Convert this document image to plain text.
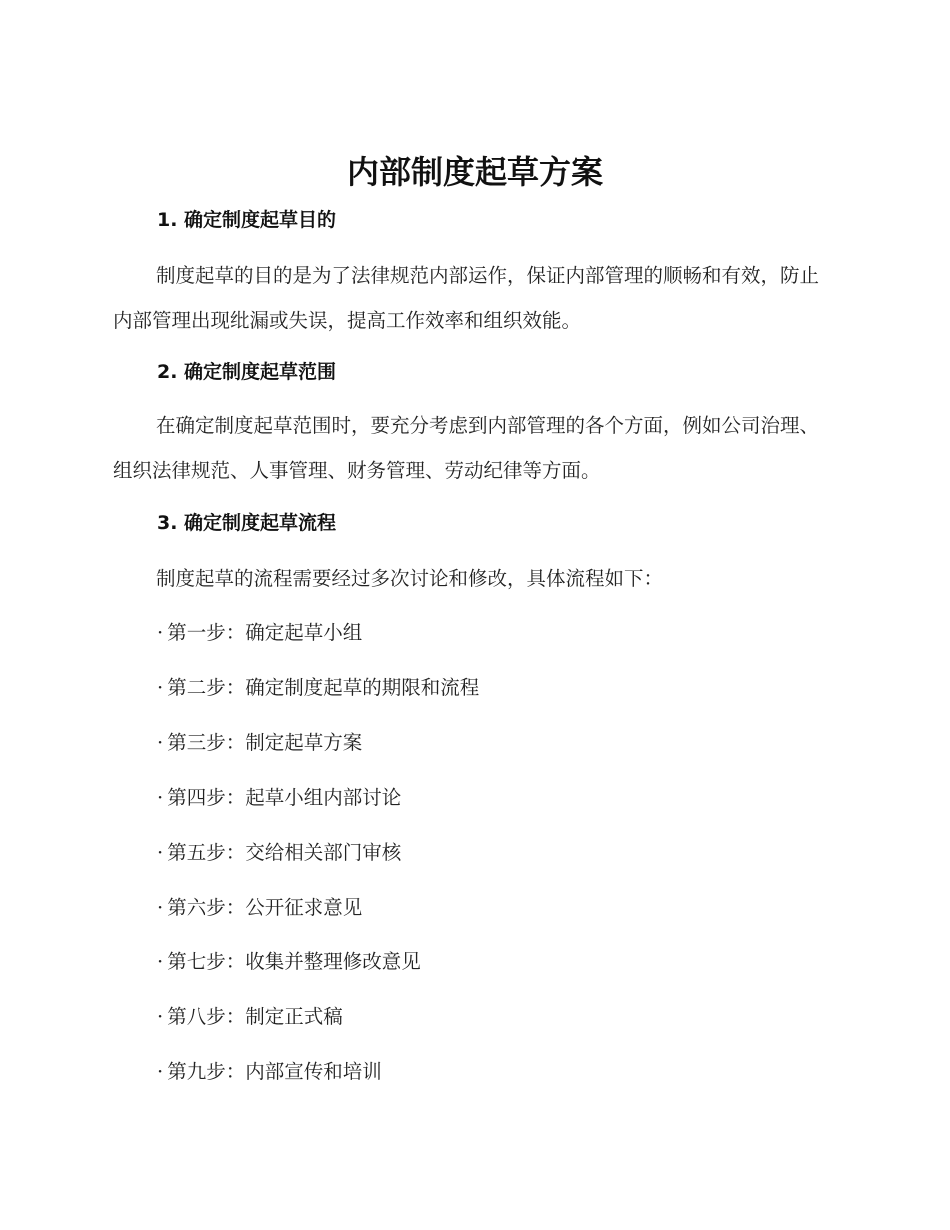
内部制度起草方案
1. 确定制度起草目的

制度起草的目的是为了法律规范内部运作，保证内部管理的顺畅和有效，防止内部管理出现纰漏或失误，提高工作效率和组织效能。

2. 确定制度起草范围

在确定制度起草范围时，要充分考虑到内部管理的各个方面，例如公司治理、组织法律规范、人事管理、财务管理、劳动纪律等方面。

3. 确定制度起草流程

制度起草的流程需要经过多次讨论和修改，具体流程如下：

· 第一步：确定起草小组

· 第二步：确定制度起草的期限和流程

· 第三步：制定起草方案

· 第四步：起草小组内部讨论

· 第五步：交给相关部门审核

· 第六步：公开征求意见

· 第七步：收集并整理修改意见

· 第八步：制定正式稿

· 第九步：内部宣传和培训
